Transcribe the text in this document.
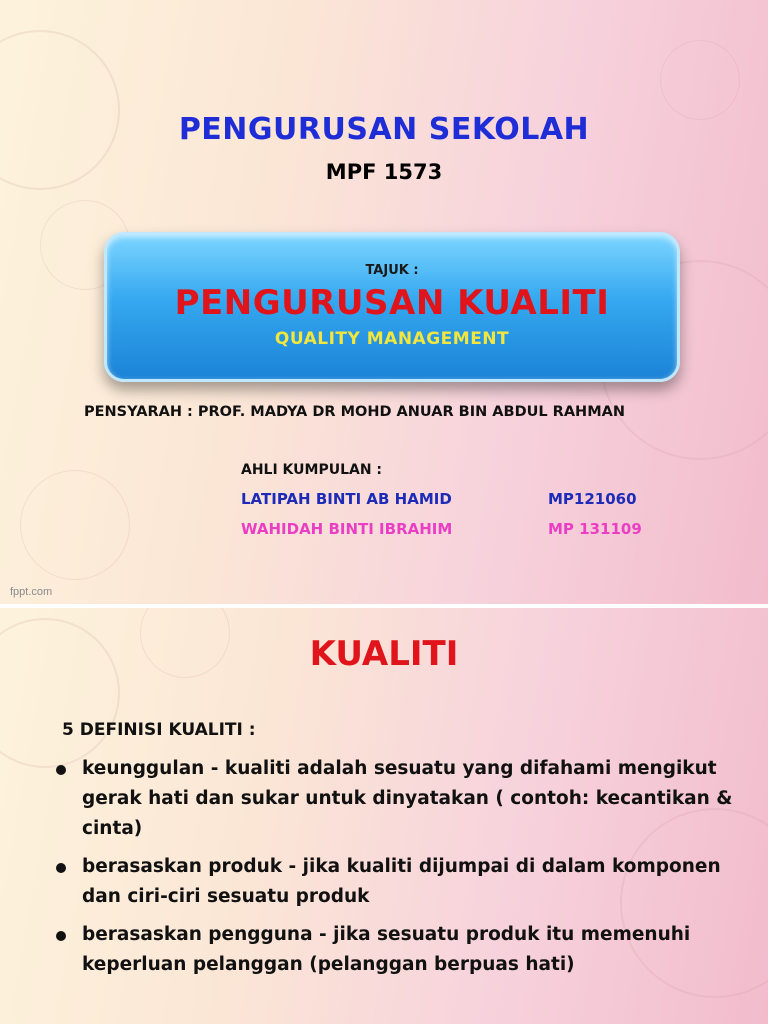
PENGURUSAN SEKOLAH
MPF 1573
TAJUK :
PENGURUSAN KUALITI
QUALITY MANAGEMENT
PENSYARAH : PROF. MADYA DR MOHD ANUAR BIN ABDUL RAHMAN
AHLI KUMPULAN :
LATIPAH BINTI AB HAMID	MP121060
WAHIDAH BINTI IBRAHIM	MP 131109
fppt.com
KUALITI
5 DEFINISI KUALITI :
keunggulan - kualiti adalah sesuatu yang difahami mengikut gerak hati dan sukar untuk dinyatakan ( contoh: kecantikan & cinta)
berasaskan produk - jika kualiti dijumpai di dalam komponen dan ciri-ciri sesuatu produk
berasaskan pengguna - jika sesuatu produk itu memenuhi keperluan pelanggan (pelanggan berpuas hati)
